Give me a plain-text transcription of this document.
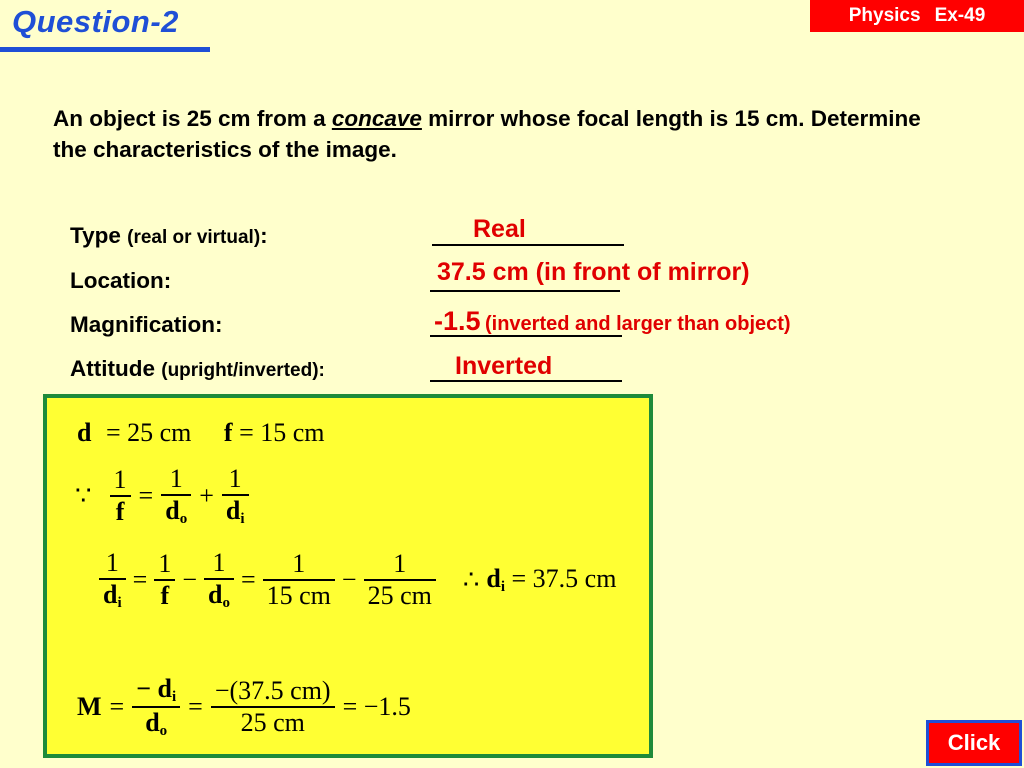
Question-2	Physics Ex-49
An object is 25 cm from a concave mirror whose focal length is 15 cm. Determine the characteristics of the image.
Type (real or virtual):	Real
Location:	37.5 cm (in front of mirror)
Magnification:	-1.5 (inverted and larger than object)
Attitude (upright/inverted):	Inverted
d = 25 cm f = 15 cm
∵ $\frac{1}{f} = \frac{1}{do} + \frac{1}{di}$
$\frac{1}{di} = \frac{1}{f} - \frac{1}{do} = \frac{1}{15 cm} - \frac{1}{25 cm}$ ∴ di = 37.5 cm
$M = \frac{- di}{do} = \frac{-(37.5 cm)}{25 cm} = -1.5$
Click
